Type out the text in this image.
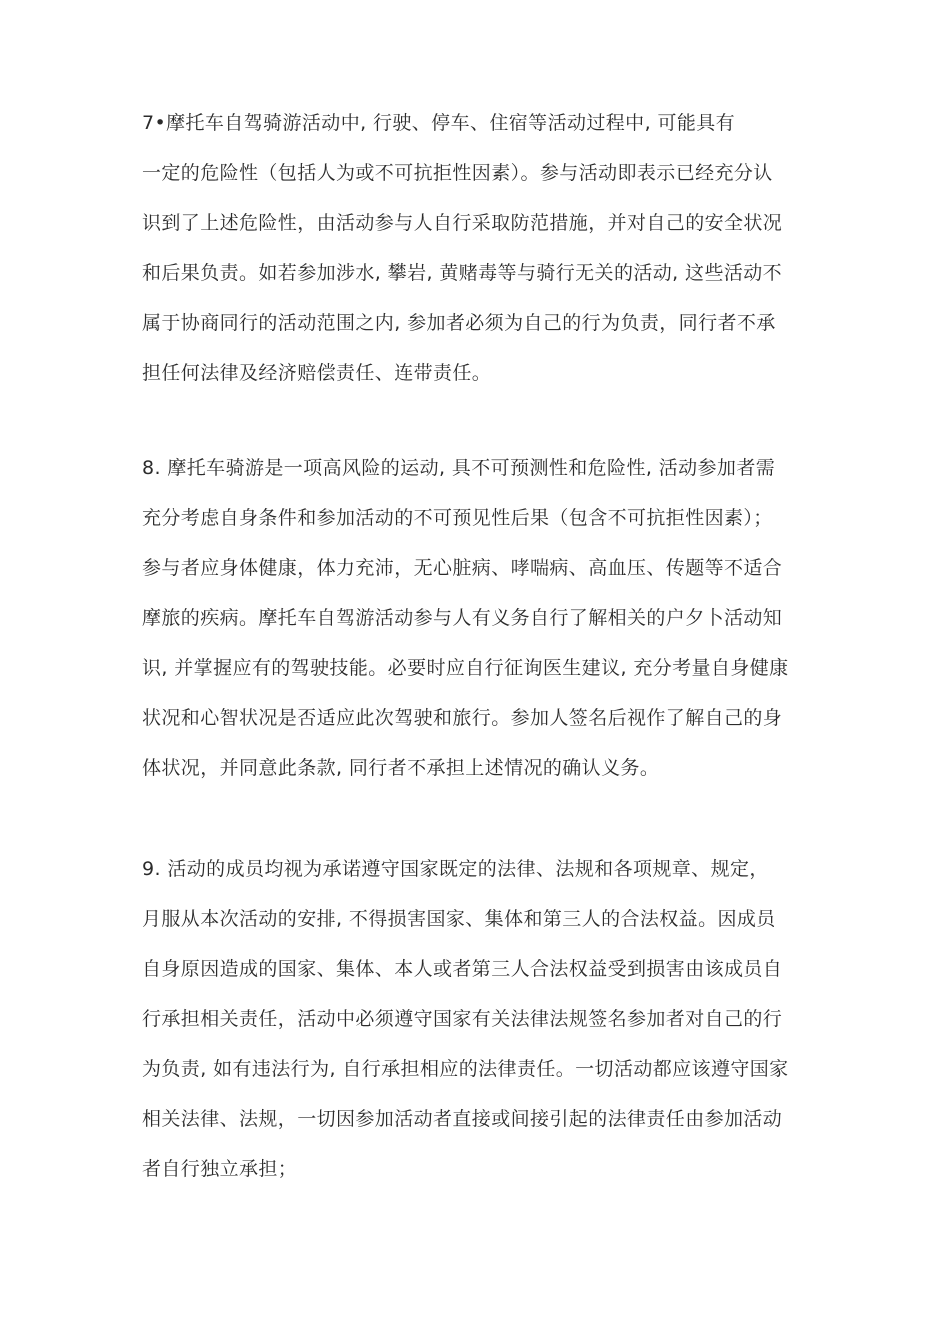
7•摩托车自驾骑游活动中, 行驶、停车、住宿等活动过程中, 可能具有
一定的危险性（包括人为或不可抗拒性因素）。参与活动即表示已经充分认
识到了上述危险性，由活动参与人自行采取防范措施，并对自己的安全状况
和后果负责。如若参加涉水, 攀岩, 黄赌毒等与骑行无关的活动, 这些活动不
属于协商同行的活动范围之内, 参加者必须为自己的行为负责，同行者不承
担任何法律及经济赔偿责任、连带责任。
8. 摩托车骑游是一项高风险的运动, 具不可预测性和危险性, 活动参加者需
充分考虑自身条件和参加活动的不可预见性后果（包含不可抗拒性因素）；
参与者应身体健康，体力充沛，无心脏病、哮喘病、高血压、传题等不适合
摩旅的疾病。摩托车自驾游活动参与人有义务自行了解相关的户夕卜活动知
识, 并掌握应有的驾驶技能。必要时应自行征询医生建议, 充分考量自身健康
状况和心智状况是否适应此次驾驶和旅行。参加人签名后视作了解自己的身
体状况，并同意此条款, 同行者不承担上述情况的确认义务。
9. 活动的成员均视为承诺遵守国家既定的法律、法规和各项规章、规定，
月服从本次活动的安排, 不得损害国家、集体和第三人的合法权益。因成员
自身原因造成的国家、集体、本人或者第三人合法权益受到损害由该成员自
行承担相关责任，活动中必须遵守国家有关法律法规签名参加者对自己的行
为负责, 如有违法行为, 自行承担相应的法律责任。一切活动都应该遵守国家
相关法律、法规，一切因参加活动者直接或间接引起的法律责任由参加活动
者自行独立承担；
